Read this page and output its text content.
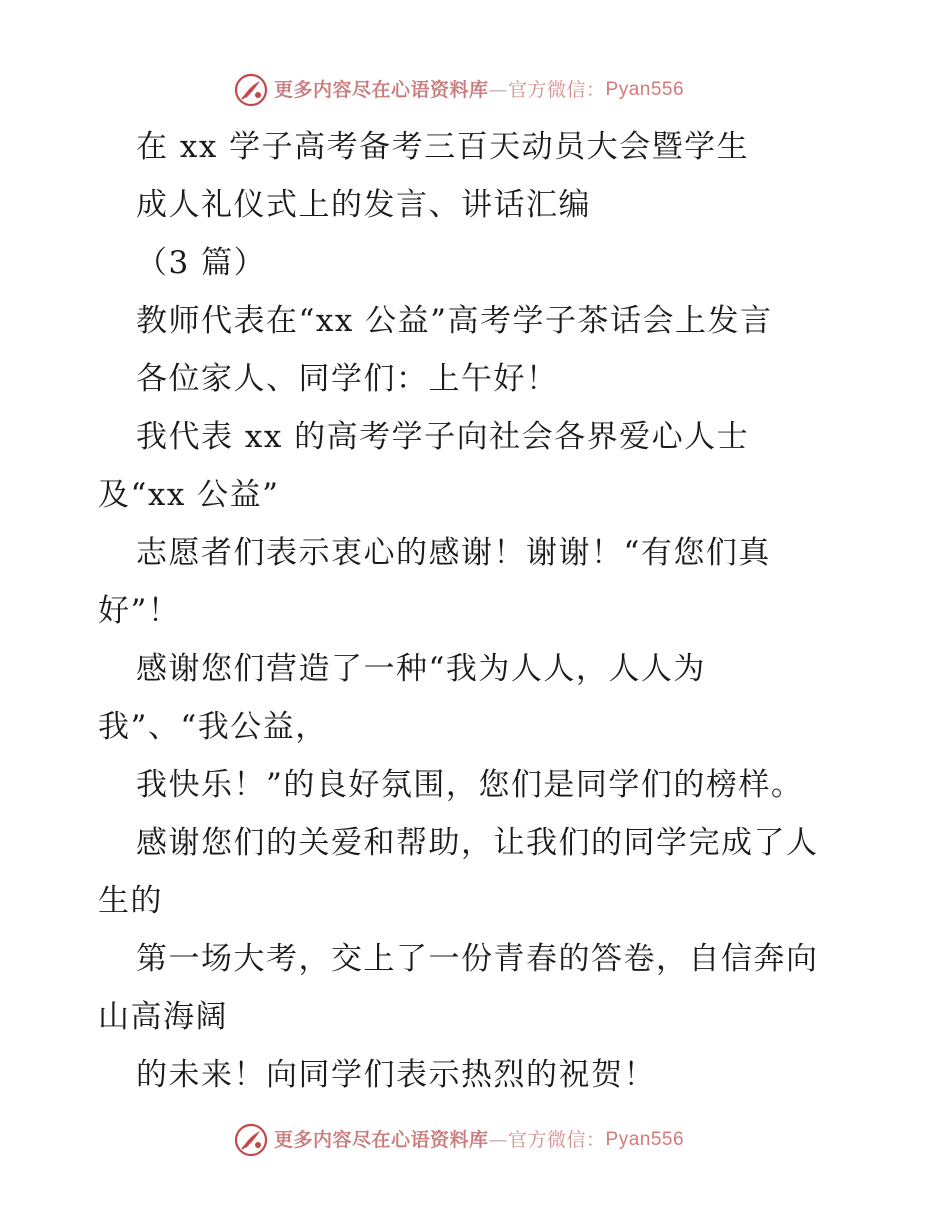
更多内容尽在心语资料库 — 官方微信： Pyan556
在 xx 学子高考备考三百天动员大会暨学生
成人礼仪式上的发言、讲话汇编
（3 篇）
教师代表在“xx 公益”高考学子茶话会上发言
各位家人、同学们：上午好！
我代表 xx 的高考学子向社会各界爱心人士
及“xx 公益”
志愿者们表示衷心的感谢！谢谢！“有您们真
好”！
感谢您们营造了一种“我为人人，人人为
我”、“我公益，
我快乐！”的良好氛围，您们是同学们的榜样。
感谢您们的关爱和帮助，让我们的同学完成了人
生的
第一场大考，交上了一份青春的答卷，自信奔向
山高海阔
的未来！向同学们表示热烈的祝贺！
更多内容尽在心语资料库 — 官方微信： Pyan556
